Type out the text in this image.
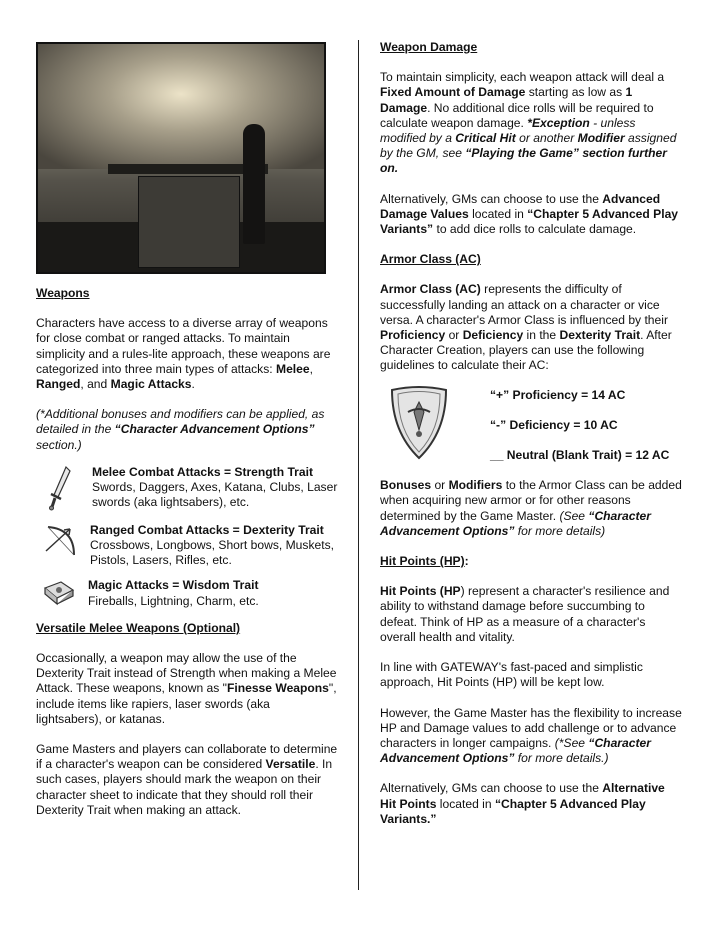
Weapons

Characters have access to a diverse array of weapons for close combat or ranged attacks. To maintain simplicity and a rules-lite approach, these weapons are categorized into three main types of attacks: Melee, Ranged, and Magic Attacks.

(*Additional bonuses and modifiers can be applied, as detailed in the “Character Advancement Options” section.)

Melee Combat Attacks = Strength Trait

Swords, Daggers, Axes, Katana, Clubs, Laser swords (aka lightsabers), etc.

Ranged Combat Attacks = Dexterity Trait

Crossbows, Longbows, Short bows, Muskets, Pistols, Lasers, Rifles, etc.

Magic Attacks = Wisdom Trait

Fireballs, Lightning, Charm, etc.

Versatile Melee Weapons (Optional)

Occasionally, a weapon may allow the use of the Dexterity Trait instead of Strength when making a Melee Attack. These weapons, known as "Finesse Weapons", include items like rapiers, laser swords (aka lightsabers), or katanas.

Game Masters and players can collaborate to determine if a character's weapon can be considered Versatile. In such cases, players should mark the weapon on their character sheet to indicate that they should roll their Dexterity Trait when making an attack.

Weapon Damage

To maintain simplicity, each weapon attack will deal a Fixed Amount of Damage starting as low as 1 Damage. No additional dice rolls will be required to calculate weapon damage. *Exception - unless modified by a Critical Hit or another Modifier assigned by the GM, see “Playing the Game” section further on.

Alternatively, GMs can choose to use the Advanced Damage Values located in “Chapter 5 Advanced Play Variants” to add dice rolls to calculate damage.

Armor Class (AC)

Armor Class (AC) represents the difficulty of successfully landing an attack on a character or vice versa. A character's Armor Class is influenced by their Proficiency or Deficiency in the Dexterity Trait. After Character Creation, players can use the following guidelines to calculate their AC:

“+” Proficiency = 14 AC

“-” Deficiency = 10 AC

__ Neutral (Blank Trait) = 12 AC

Bonuses or Modifiers to the Armor Class can be added when acquiring new armor or for other reasons determined by the Game Master. (See “Character Advancement Options” for more details)

Hit Points (HP):

Hit Points (HP) represent a character's resilience and ability to withstand damage before succumbing to defeat. Think of HP as a measure of a character's overall health and vitality.

In line with GATEWAY's fast-paced and simplistic approach, Hit Points (HP) will be kept low.

However, the Game Master has the flexibility to increase HP and Damage values to add challenge or to advance characters in longer campaigns. (*See “Character Advancement Options” for more details.)

Alternatively, GMs can choose to use the Alternative Hit Points located in “Chapter 5 Advanced Play Variants.”
